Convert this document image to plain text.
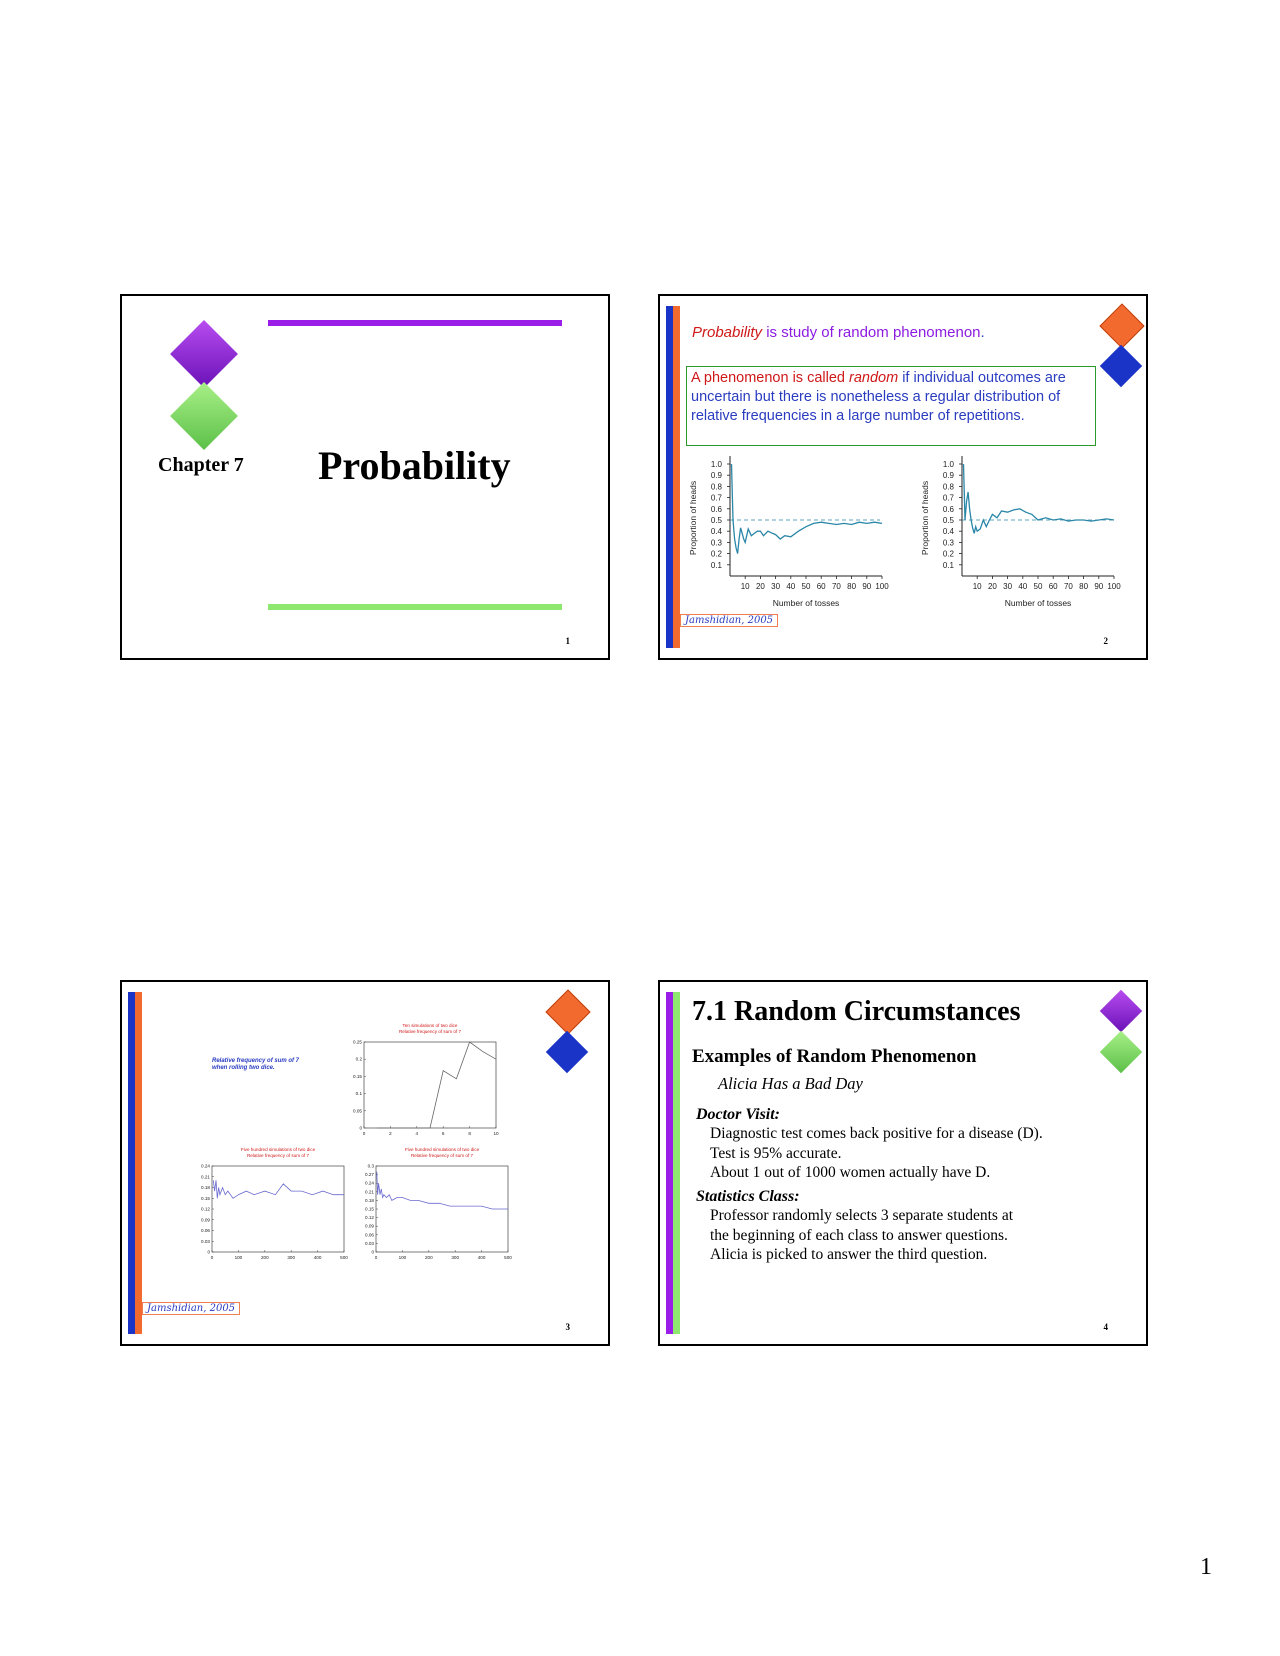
Chapter 7 Probability
1
Probability is study of random phenomenon.
A phenomenon is called random if individual outcomes are uncertain but there is nonetheless a regular distribution of relative frequencies in a large number of repetitions.
1.0
0.9
0.8
0.7
0.6
0.5
0.4
0.3
0.2
0.1
10 20 30 40 50 60 70 80 90 100
Number of tosses
Proportion of heads
1.0
0.9
0.8
0.7
0.6
0.5
0.4
0.3
0.2
0.1
10 20 30 40 50 60 70 80 90 100
Number of tosses
Proportion of heads
Jamshidian, 2005
2
Relative frequency of sum of 7 when rolling two dice.
Ten simulations of two dice
Relative frequency of sum of 7
0
0.05
0.1
0.15
0.2
0.25
0	2	4	6	8	10
Five hundred simulations of two dice
Relative frequency of sum of 7
0
0.03
0.06
0.09
0.12
0.15
0.18
0.21
0.24
0	100	200	300	400	500
Five hundred simulations of two dice
Relative frequency of sum of 7
0
0.03
0.06
0.09
0.12
0.15
0.18
0.21
0.24
0.27
0.3
0	100	200	300	400	500
Jamshidian, 2005
3
7.1 Random Circumstances
Examples of Random Phenomenon
Alicia Has a Bad Day
Doctor Visit:
Diagnostic test comes back positive for a disease (D).
Test is 95% accurate.
About 1 out of 1000 women actually have D.
Statistics Class:
Professor randomly selects 3 separate students at
the beginning of each class to answer questions.
Alicia is picked to answer the third question.
4
1
